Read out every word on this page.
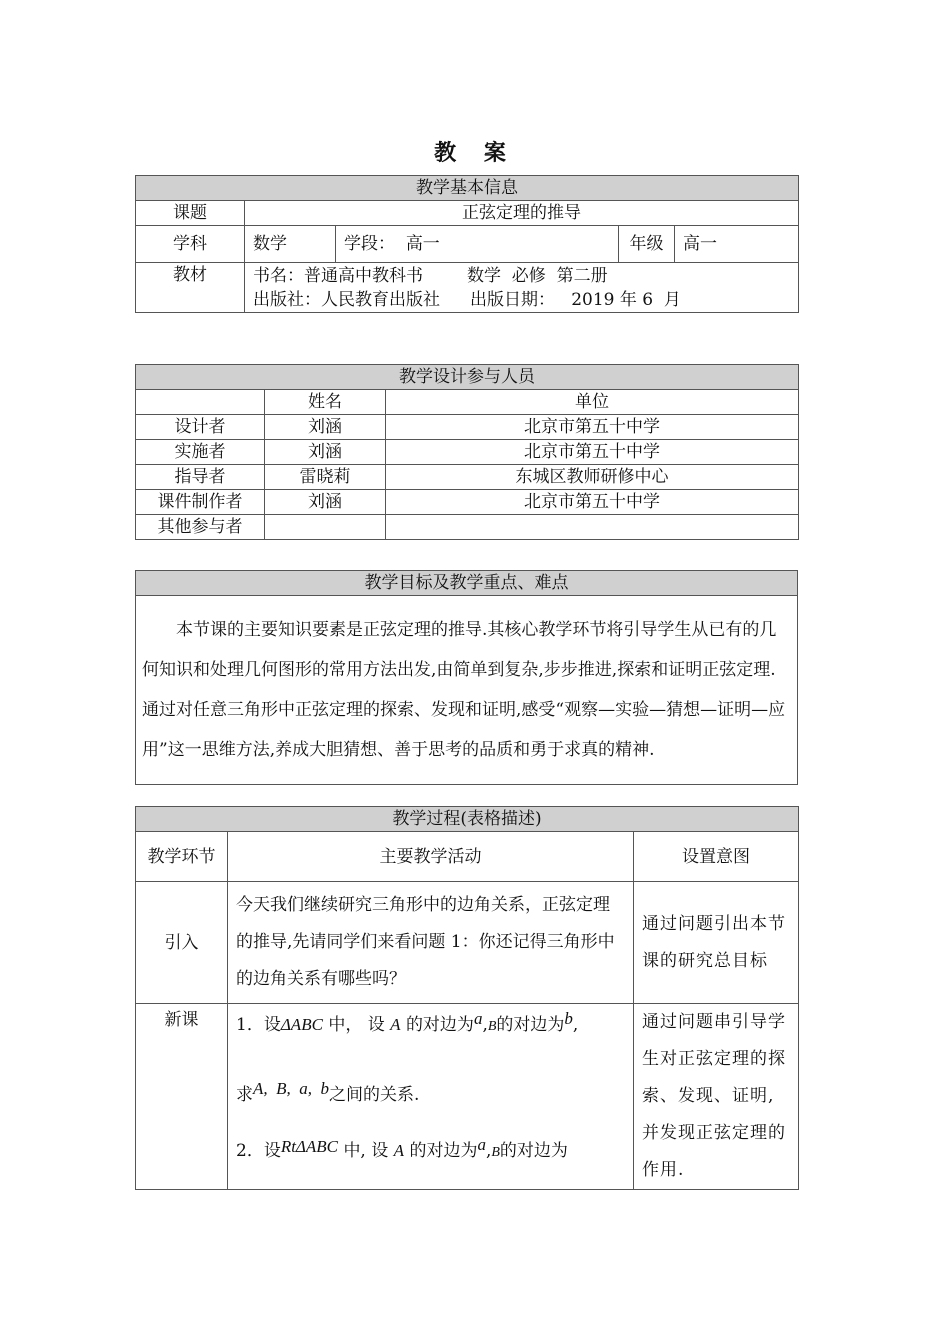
教 案
教学基本信息				
课题	正弦定理的推导			
学科	数学	学段： 高一	年级	高一
教材	书名：普通高中教科书 数学  必修  第二册
出版社：人民教育出版社 出版日期： 2019 年 6  月			
教学设计参与人员		
	姓名	单位
设计者	刘涵	北京市第五十中学
实施者	刘涵	北京市第五十中学
指导者	雷晓莉	东城区教师研修中心
课件制作者	刘涵	北京市第五十中学
其他参与者		
教学目标及教学重点、难点
本节课的主要知识要素是正弦定理的推导.其核心教学环节将引导学生从已有的几何知识和处理几何图形的常用方法出发,由简单到复杂,步步推进,探索和证明正弦定理.通过对任意三角形中正弦定理的探索、发现和证明,感受“观察—实验—猜想—证明—应用”这一思维方法,养成大胆猜想、善于思考的品质和勇于求真的精神.
教学过程(表格描述)		
教学环节	主要教学活动	设置意图
引入	今天我们继续研究三角形中的边角关系，正弦定理的推导,先请同学们来看问题 1：你还记得三角形中的边角关系有哪些吗？	通过问题引出本节课的研究总目标
新课	1．设ΔABC 中， 设 A 的对边为a,B的对边为b,
求A,  B,  a,  b之间的关系.
2．设RtΔABC 中, 设 A 的对边为a,B的对边为	通过问题串引导学生对正弦定理的探索、发现、证明,并发现正弦定理的作用.
